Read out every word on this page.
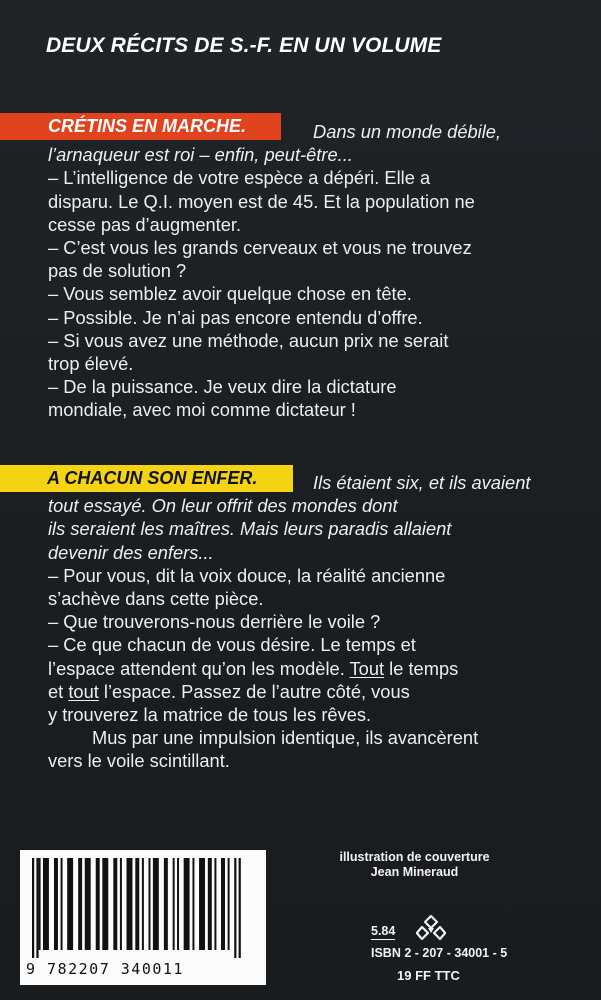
DEUX RÉCITS DE S.-F. EN UN VOLUME
CRÉTINS EN MARCHE.	Dans un monde débile,

l’arnaqueur est roi – enfin, peut-être...

– L’intelligence de votre espèce a dépéri. Elle a

disparu. Le Q.I. moyen est de 45. Et la population ne

cesse pas d’augmenter.

– C’est vous les grands cerveaux et vous ne trouvez

pas de solution ?

– Vous semblez avoir quelque chose en tête.

– Possible. Je n’ai pas encore entendu d’offre.

– Si vous avez une méthode, aucun prix ne serait

trop élevé.

– De la puissance. Je veux dire la dictature

mondiale, avec moi comme dictateur !

A CHACUN SON ENFER.	Ils étaient six, et ils avaient

tout essayé. On leur offrit des mondes dont

ils seraient les maîtres. Mais leurs paradis allaient

devenir des enfers...

– Pour vous, dit la voix douce, la réalité ancienne

s’achève dans cette pièce.

– Que trouverons-nous derrière le voile ?

– Ce que chacun de vous désire. Le temps et

l’espace attendent qu’on les modèle. Tout le temps

et tout l’espace. Passez de l’autre côté, vous

y trouverez la matrice de tous les rêves.

Mus par une impulsion identique, ils avancèrent

vers le voile scintillant.

9 782207 340011
illustration de couverture
Jean Mineraud
5.84
ISBN 2 - 207 - 34001 - 5
19 FF TTC
